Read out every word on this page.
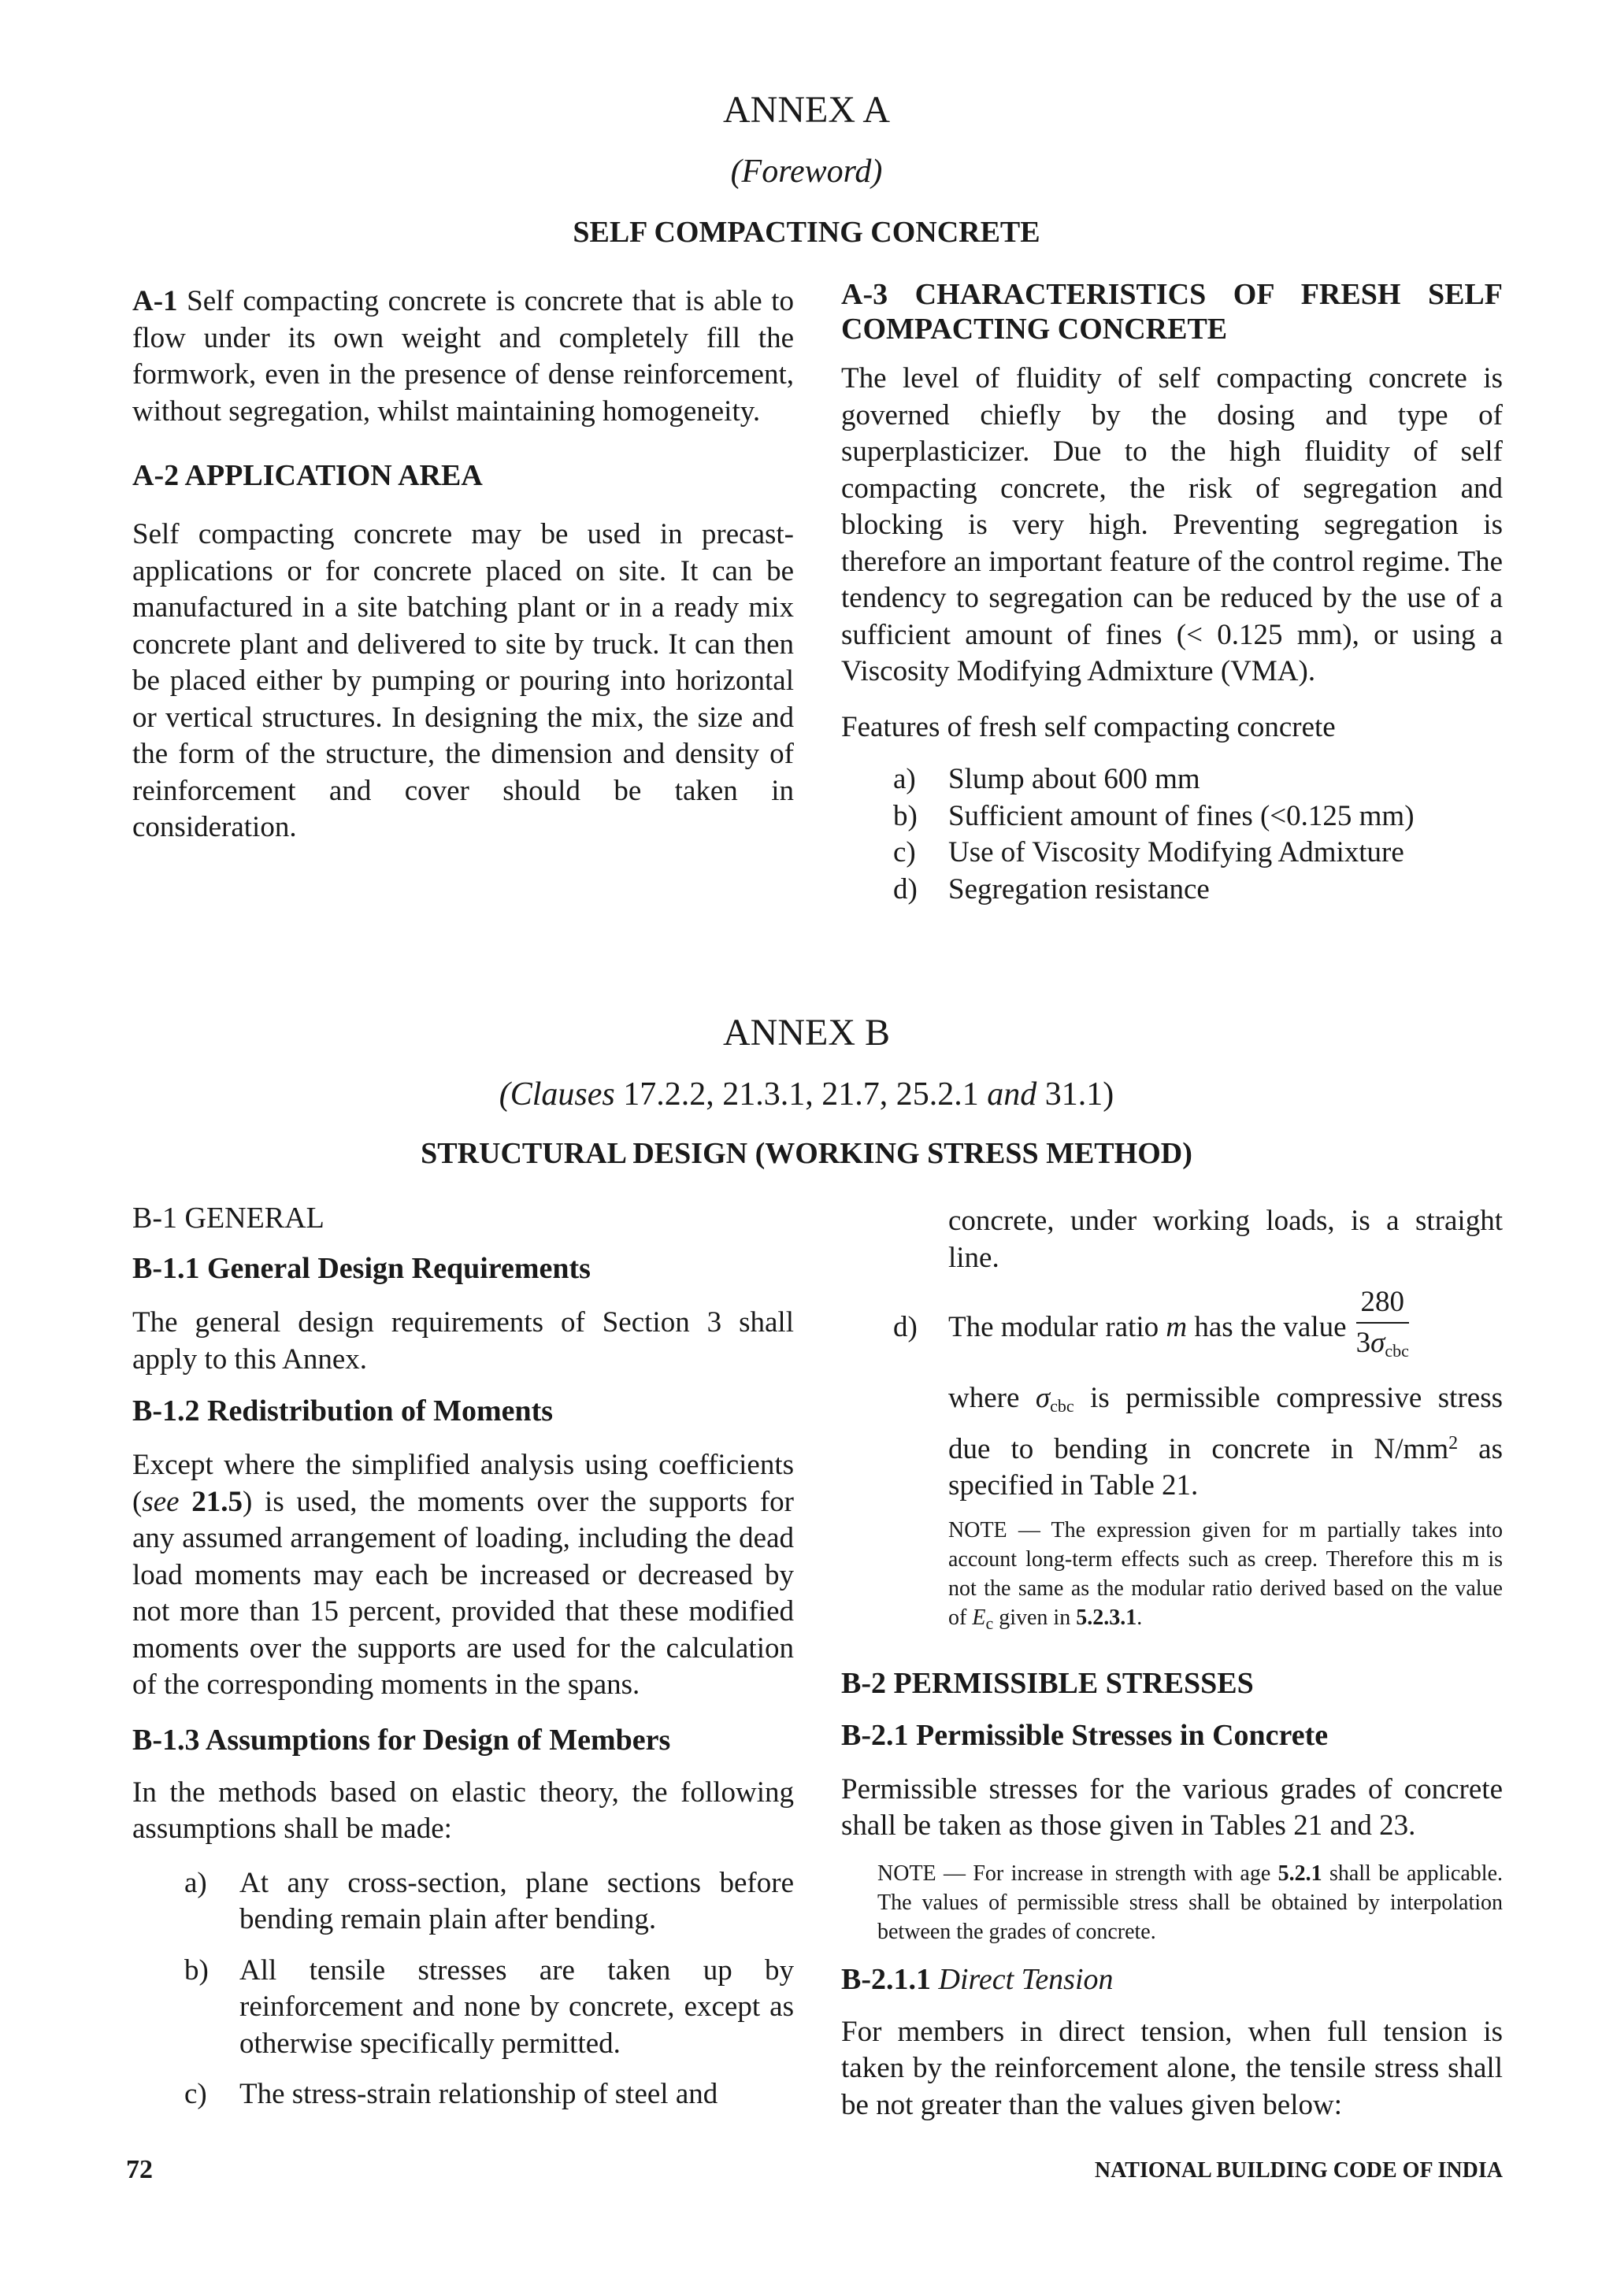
ANNEX A
(Foreword)
SELF COMPACTING CONCRETE

A-1 Self compacting concrete is concrete that is able to flow under its own weight and completely fill the formwork, even in the presence of dense reinforcement, without segregation, whilst maintaining homogeneity.

A-2 APPLICATION AREA

Self compacting concrete may be used in precast-applications or for concrete placed on site. It can be manufactured in a site batching plant or in a ready mix concrete plant and delivered to site by truck. It can then be placed either by pumping or pouring into horizontal or vertical structures. In designing the mix, the size and the form of the structure, the dimension and density of reinforcement and cover should be taken in consideration.

A-3 CHARACTERISTICS OF FRESH SELF COMPACTING CONCRETE

The level of fluidity of self compacting concrete is governed chiefly by the dosing and type of superplasticizer. Due to the high fluidity of self compacting concrete, the risk of segregation and blocking is very high. Preventing segregation is therefore an important feature of the control regime. The tendency to segregation can be reduced by the use of a sufficient amount of fines (< 0.125 mm), or using a Viscosity Modifying Admixture (VMA).

Features of fresh self compacting concrete

a)	Slump about 600 mm
b)	Sufficient amount of fines (<0.125 mm)
c)	Use of Viscosity Modifying Admixture
d)	Segregation resistance
ANNEX B
(Clauses 17.2.2, 21.3.1, 21.7, 25.2.1 and 31.1)
STRUCTURAL DESIGN (WORKING STRESS METHOD)

B-1 GENERAL

B-1.1 General Design Requirements

The general design requirements of Section 3 shall apply to this Annex.

B-1.2 Redistribution of Moments

Except where the simplified analysis using coefficients (see 21.5) is used, the moments over the supports for any assumed arrangement of loading, including the dead load moments may each be increased or decreased by not more than 15 percent, provided that these modified moments over the supports are used for the calculation of the corresponding moments in the spans.

B-1.3 Assumptions for Design of Members

In the methods based on elastic theory, the following assumptions shall be made:

a)	At any cross-section, plane sections before bending remain plain after bending.
b)	All tensile stresses are taken up by reinforcement and none by concrete, except as otherwise specifically permitted.
c)	The stress-strain relationship of steel and

concrete, under working loads, is a straight line.

d)	The modular ratio m has the value $\frac{280}{\text{3σcbc}}$

where σcbc is permissible compressive stress due to bending in concrete in $N/mm^2$ as specified in Table 21.

NOTE — The expression given for m partially takes into account long-term effects such as creep. Therefore this m is not the same as the modular ratio derived based on the value of $E_c$ given in 5.2.3.1.

B-2 PERMISSIBLE STRESSES

B-2.1 Permissible Stresses in Concrete

Permissible stresses for the various grades of concrete shall be taken as those given in Tables 21 and 23.

NOTE — For increase in strength with age 5.2.1 shall be applicable. The values of permissible stress shall be obtained by interpolation between the grades of concrete.

B-2.1.1 Direct Tension

For members in direct tension, when full tension is taken by the reinforcement alone, the tensile stress shall be not greater than the values given below:

72	NATIONAL BUILDING CODE OF INDIA
